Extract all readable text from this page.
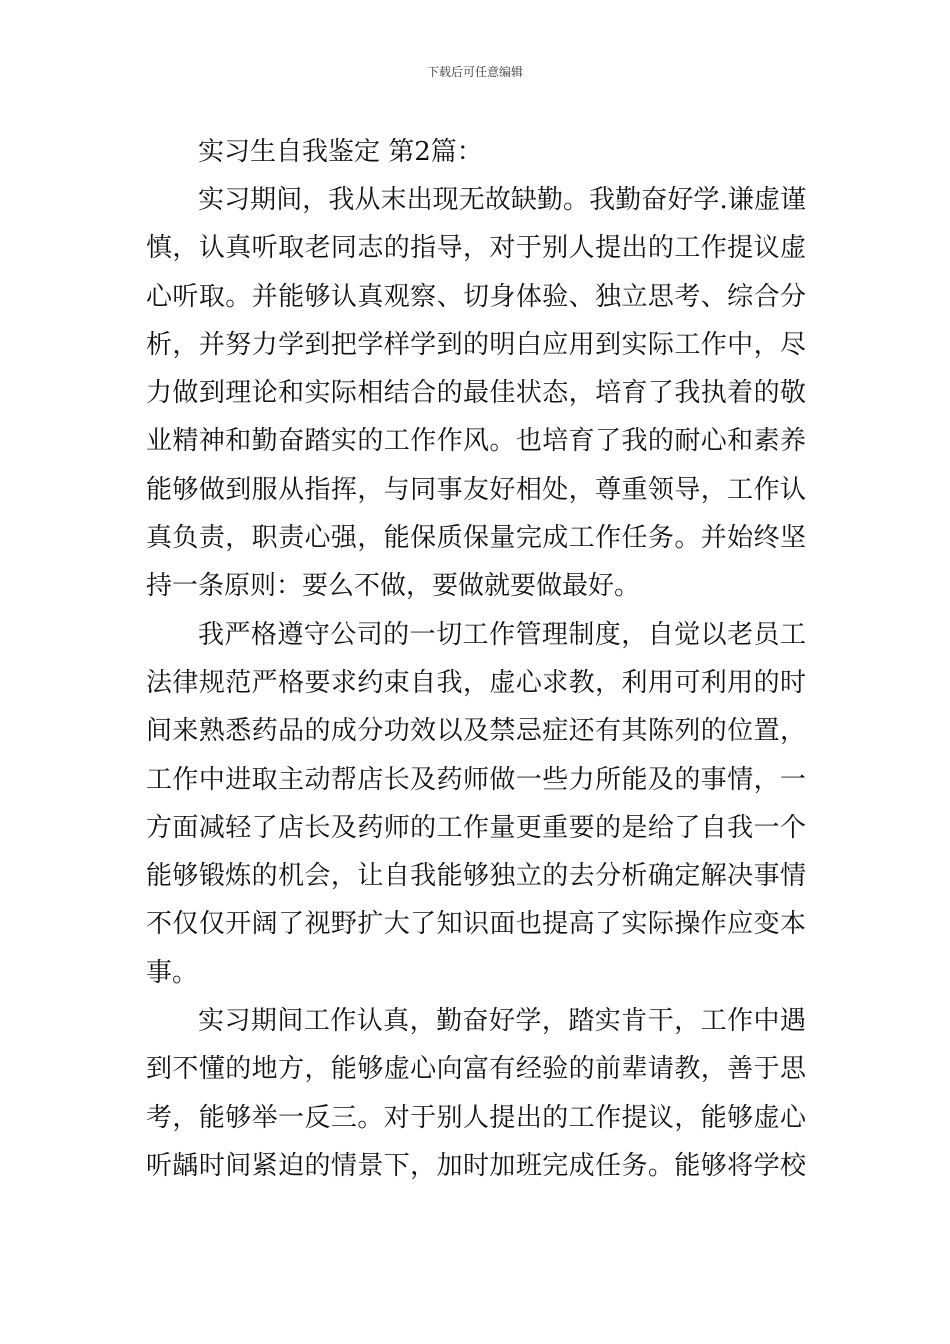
下载后可任意编辑
实习生自我鉴定 第2篇：
实习期间，我从末出现无故缺勤。我勤奋好学.谦虚谨
慎，认真听取老同志的指导，对于别人提出的工作提议虚
心听取。并能够认真观察、切身体验、独立思考、综合分
析，并努力学到把学样学到的明白应用到实际工作中，尽
力做到理论和实际相结合的最佳状态，培育了我执着的敬
业精神和勤奋踏实的工作作风。也培育了我的耐心和素养
能够做到服从指挥，与同事友好相处，尊重领导，工作认
真负责，职责心强，能保质保量完成工作任务。并始终坚
持一条原则：要么不做，要做就要做最好。
我严格遵守公司的一切工作管理制度，自觉以老员工
法律规范严格要求约束自我，虚心求教，利用可利用的时
间来熟悉药品的成分功效以及禁忌症还有其陈列的位置，
工作中进取主动帮店长及药师做一些力所能及的事情，一
方面减轻了店长及药师的工作量更重要的是给了自我一个
能够锻炼的机会，让自我能够独立的去分析确定解决事情
不仅仅开阔了视野扩大了知识面也提高了实际操作应变本
事。
实习期间工作认真，勤奋好学，踏实肯干，工作中遇
到不懂的地方，能够虚心向富有经验的前辈请教，善于思
考，能够举一反三。对于别人提出的工作提议，能够虚心
听龋时间紧迫的情景下，加时加班完成任务。能够将学校
